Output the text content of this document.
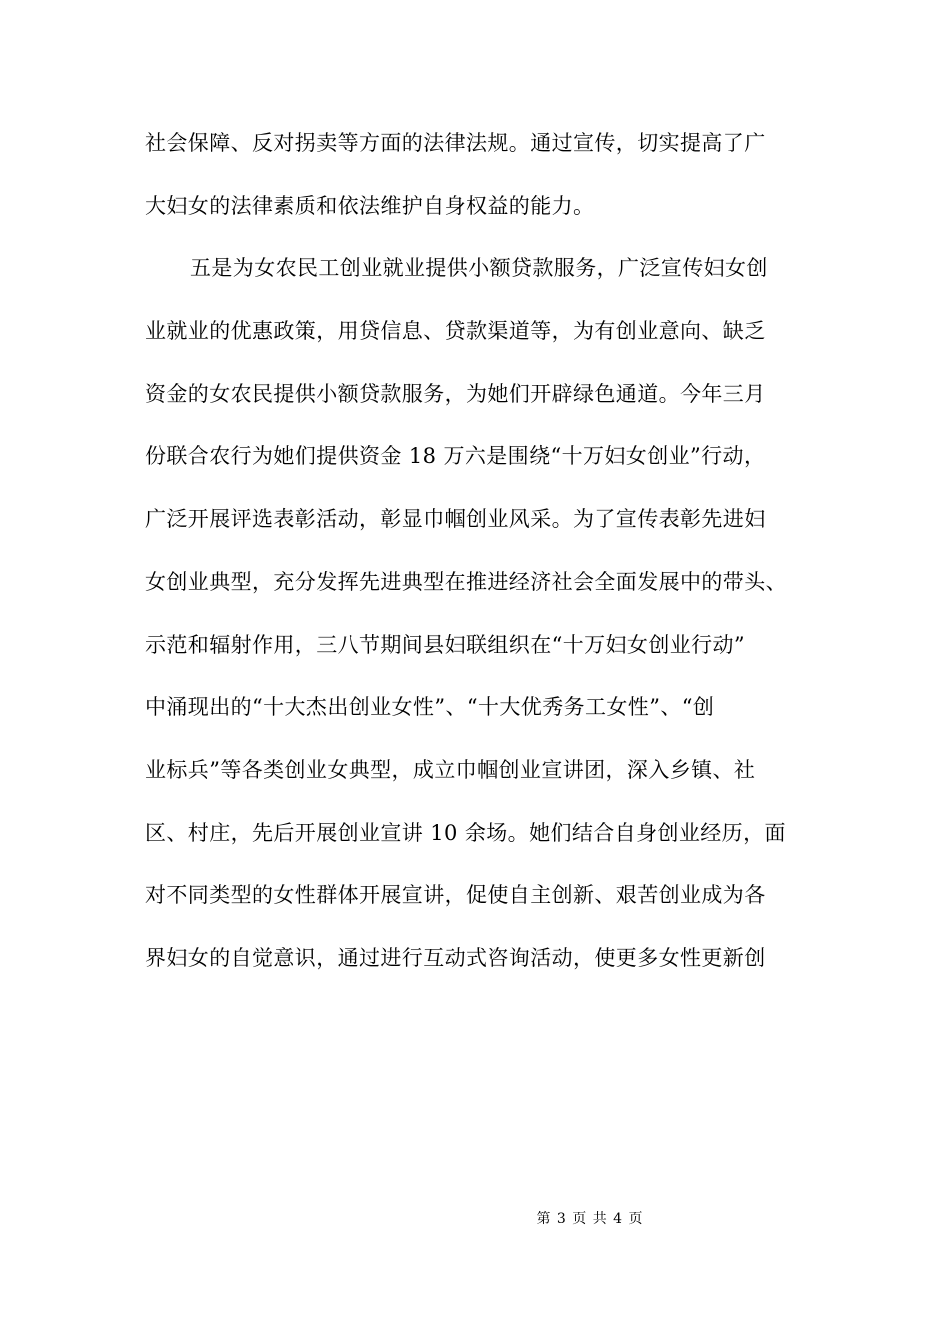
社会保障、反对拐卖等方面的法律法规。通过宣传，切实提高了广
大妇女的法律素质和依法维护自身权益的能力。
五是为女农民工创业就业提供小额贷款服务，广泛宣传妇女创
业就业的优惠政策，用贷信息、贷款渠道等，为有创业意向、缺乏
资金的女农民提供小额贷款服务，为她们开辟绿色通道。今年三月
份联合农行为她们提供资金 18 万六是围绕“十万妇女创业”行动，
广泛开展评选表彰活动，彰显巾帼创业风采。为了宣传表彰先进妇
女创业典型，充分发挥先进典型在推进经济社会全面发展中的带头、
示范和辐射作用，三八节期间县妇联组织在“十万妇女创业行动”
中涌现出的“十大杰出创业女性”、“十大优秀务工女性”、“创
业标兵”等各类创业女典型，成立巾帼创业宣讲团，深入乡镇、社
区、村庄，先后开展创业宣讲 10 余场。她们结合自身创业经历，面
对不同类型的女性群体开展宣讲，促使自主创新、艰苦创业成为各
界妇女的自觉意识，通过进行互动式咨询活动，使更多女性更新创
第 3 页 共 4 页
